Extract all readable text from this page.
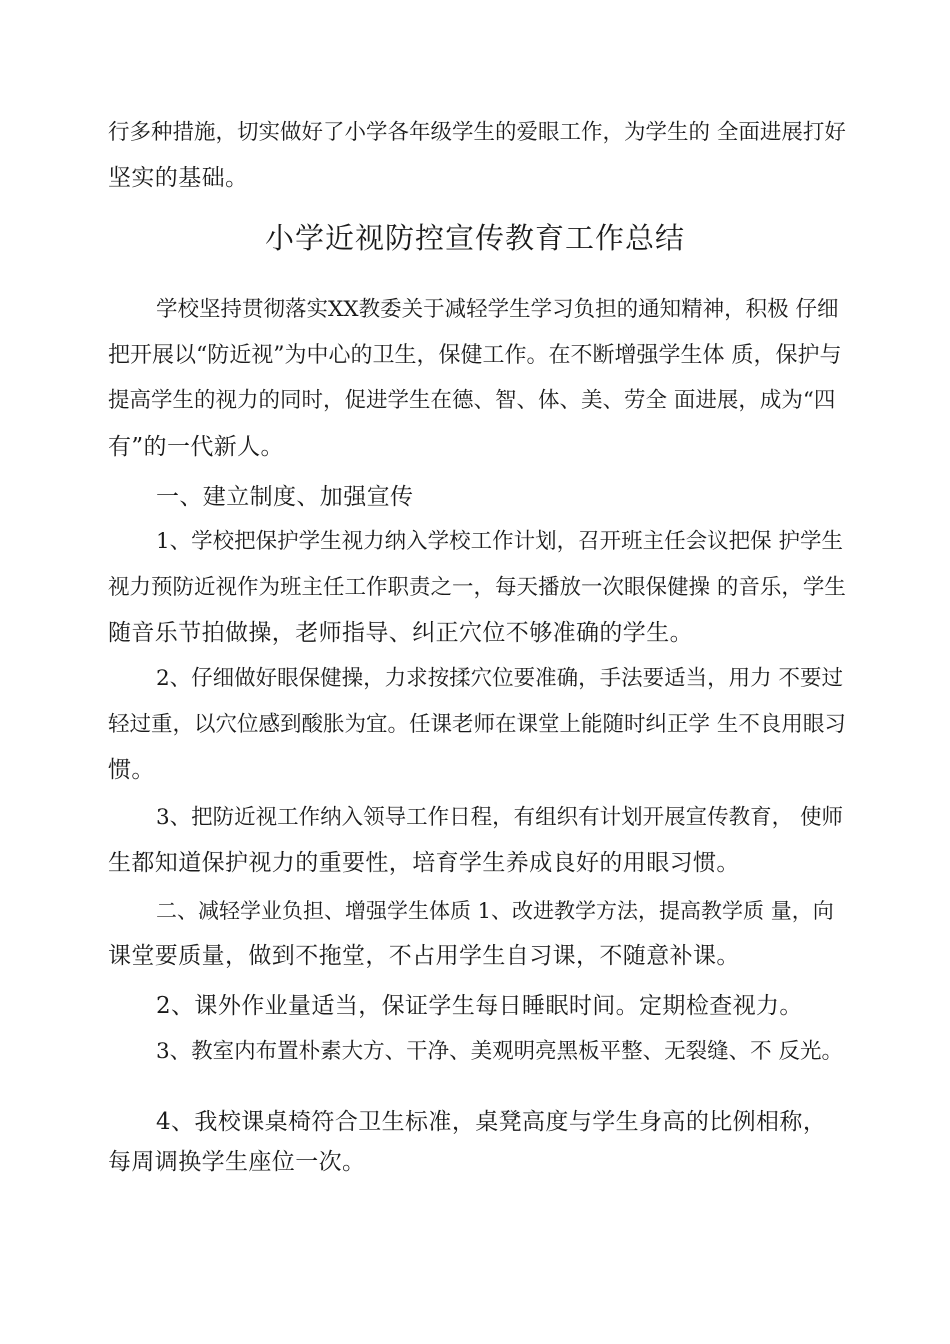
行多种措施，切实做好了小学各年级学生的爱眼工作，为学生的 全面进展打好
坚实的基础。
小学近视防控宣传教育工作总结
学校坚持贯彻落实XX教委关于减轻学生学习负担的通知精神，积极 仔细
把开展以“防近视”为中心的卫生，保健工作。在不断增强学生体 质，保护与
提高学生的视力的同时，促进学生在德、智、体、美、劳全 面进展，成为“四
有”的一代新人。
一、建立制度、加强宣传
1、学校把保护学生视力纳入学校工作计划，召开班主任会议把保 护学生
视力预防近视作为班主任工作职责之一，每天播放一次眼保健操 的音乐，学生
随音乐节拍做操，老师指导、纠正穴位不够准确的学生。
2、仔细做好眼保健操，力求按揉穴位要准确，手法要适当，用力 不要过
轻过重，以穴位感到酸胀为宜。任课老师在课堂上能随时纠正学 生不良用眼习
惯。
3、把防近视工作纳入领导工作日程，有组织有计划开展宣传教育， 使师
生都知道保护视力的重要性，培育学生养成良好的用眼习惯。
二、减轻学业负担、增强学生体质 1、改进教学方法，提高教学质 量，向
课堂要质量，做到不拖堂，不占用学生自习课，不随意补课。
2、课外作业量适当，保证学生每日睡眠时间。定期检查视力。
3、教室内布置朴素大方、干净、美观明亮黑板平整、无裂缝、不 反光。
4、我校课桌椅符合卫生标准，桌凳高度与学生身高的比例相称，
每周调换学生座位一次。
